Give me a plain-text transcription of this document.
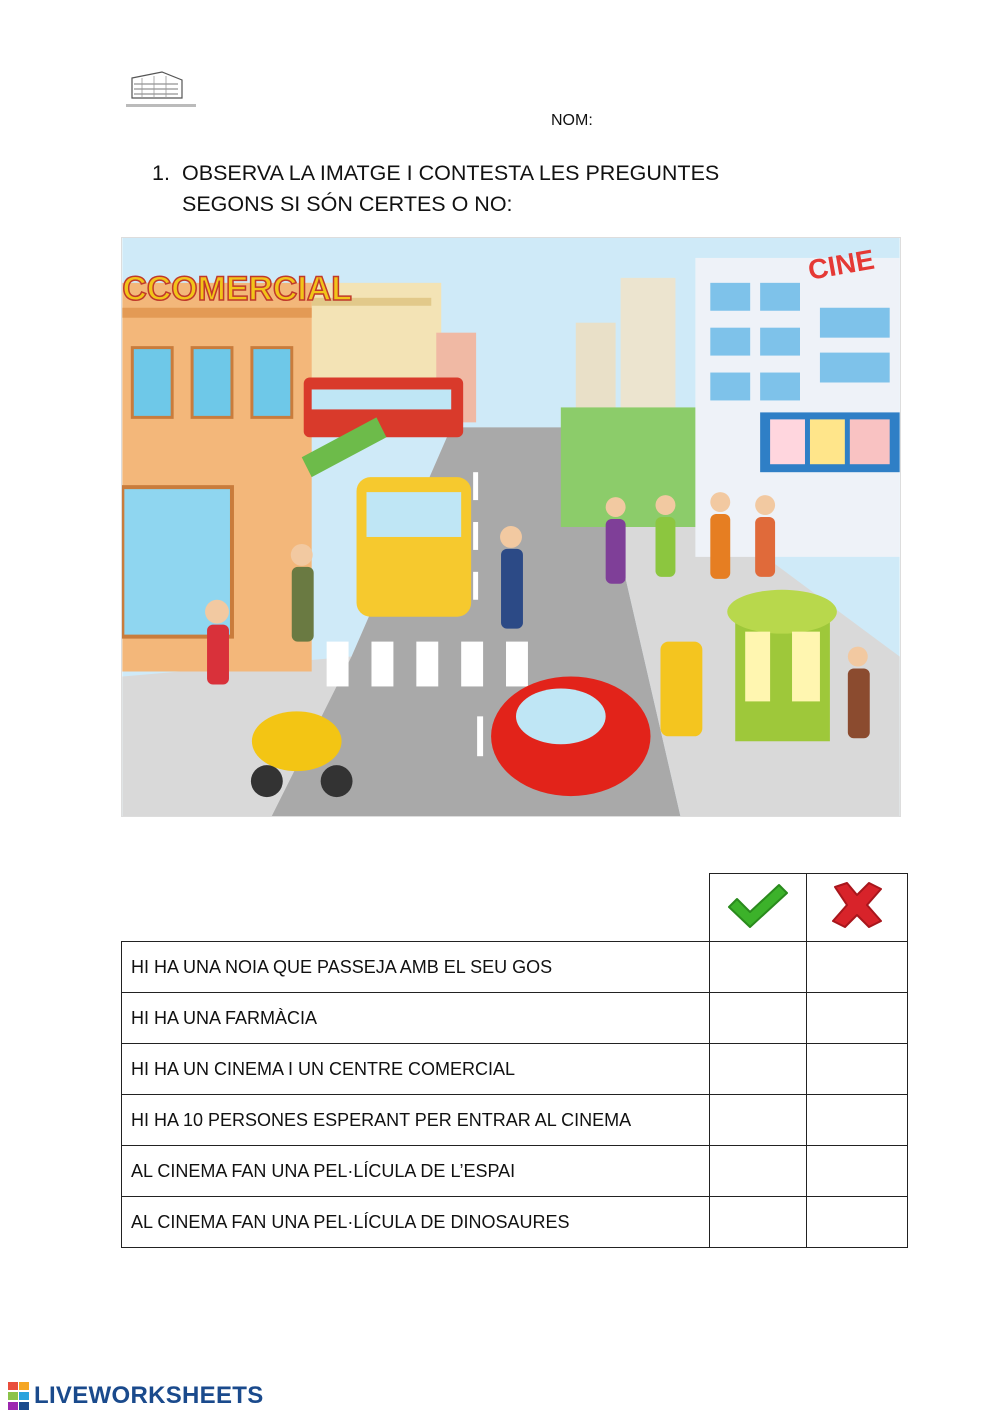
NOM:
1. OBSERVA LA IMATGE I CONTESTA LES PREGUNTES
SEGONS SI SÓN CERTES O NO:
CCOMERCIAL
CINE

HI HA UNA NOIA QUE PASSEJA AMB EL SEU GOS		
HI HA UNA FARMÀCIA		
HI HA UN CINEMA I UN CENTRE COMERCIAL		
HI HA 10 PERSONES ESPERANT PER ENTRAR AL CINEMA		
AL CINEMA FAN UNA PEL·LÍCULA DE L’ESPAI		
AL CINEMA FAN UNA PEL·LÍCULA DE DINOSAURES		
LIVEWORKSHEETS
